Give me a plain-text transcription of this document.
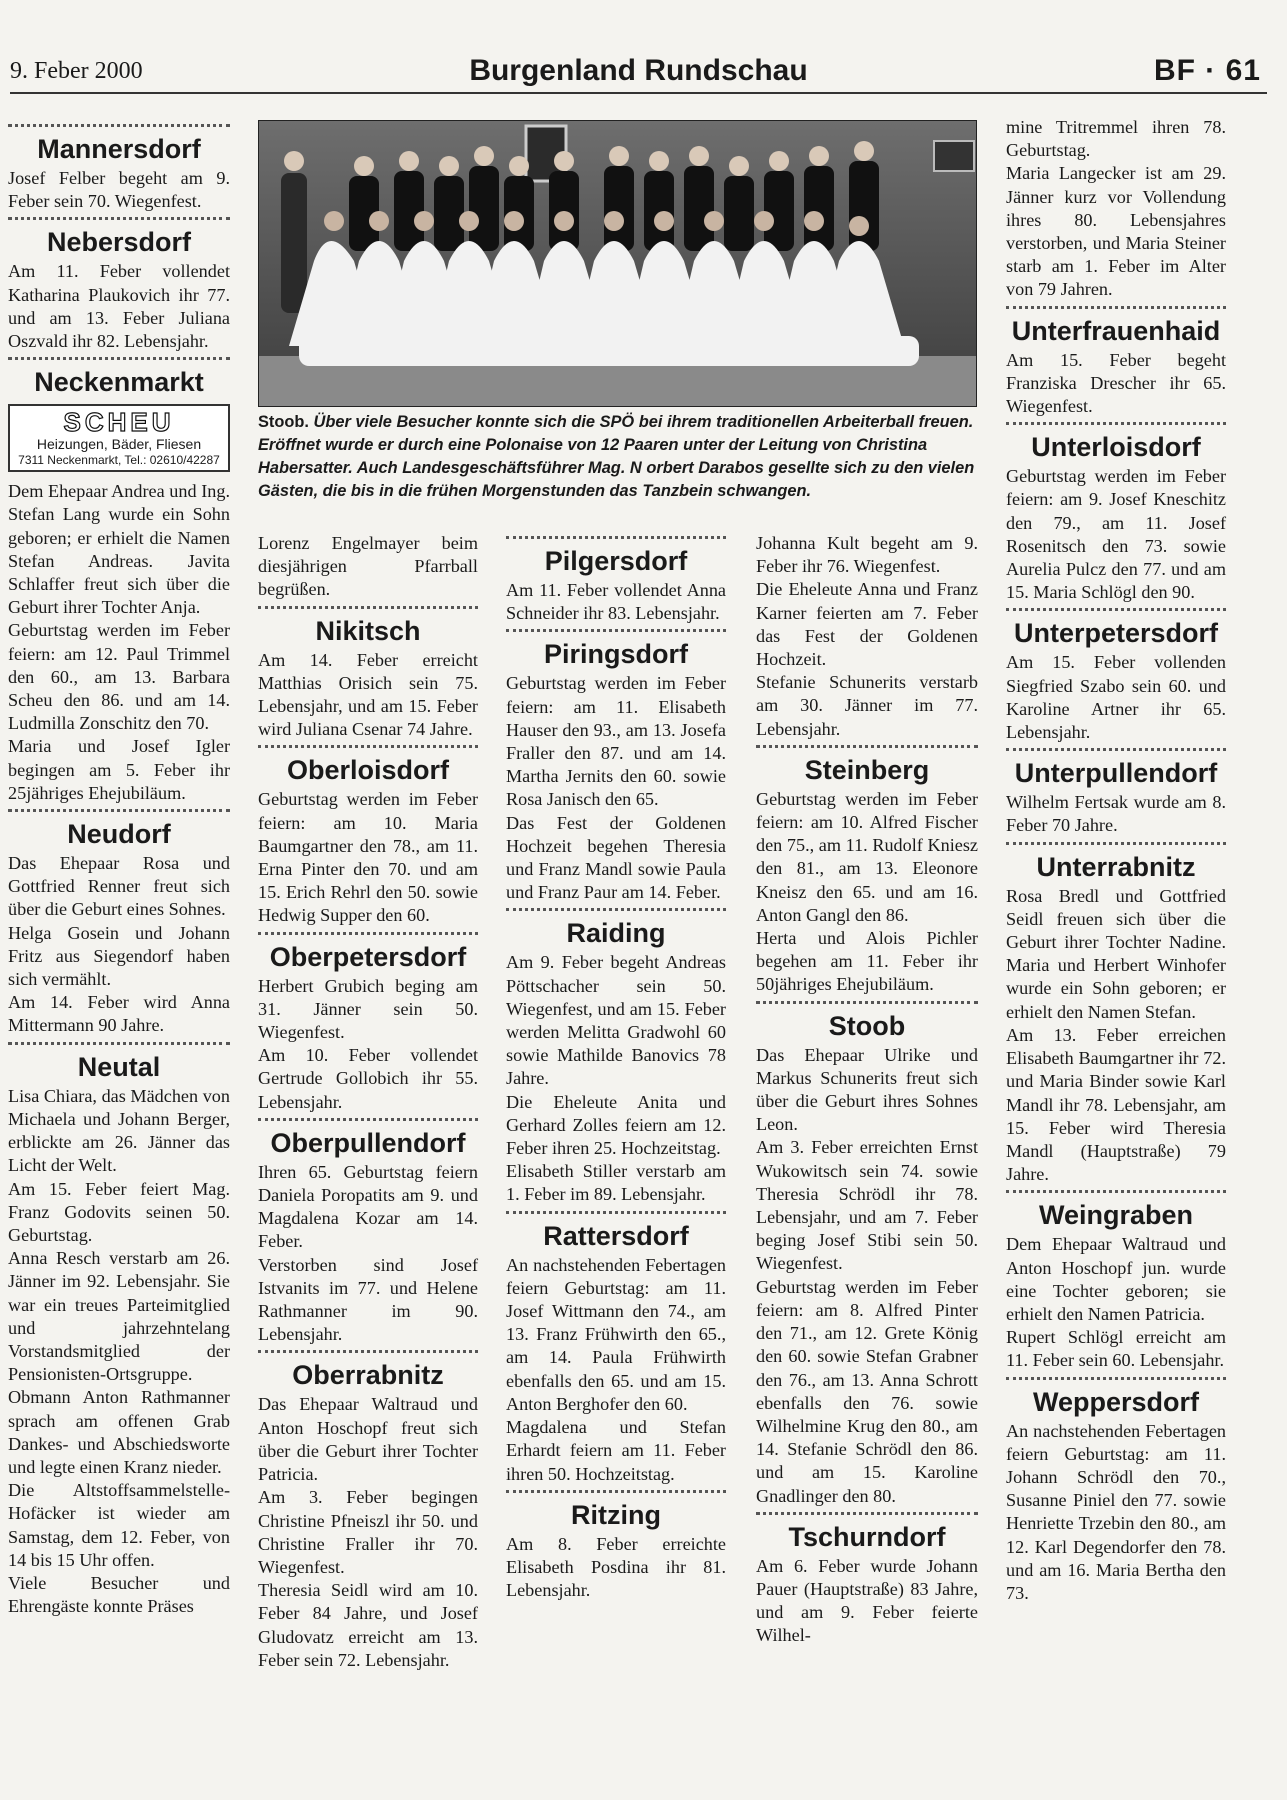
9. Feber 2000	Burgenland Rundschau	BF · 61
Stoob. Über viele Besucher konnte sich die SPÖ bei ihrem traditionellen Arbeiterball freuen. Eröffnet wurde er durch eine Polonaise von 12 Paaren unter der Leitung von Christina Habersatter. Auch Landesgeschäftsführer Mag. N orbert Darabos gesellte sich zu den vielen Gästen, die bis in die frühen Morgenstunden das Tanzbein schwangen.
Mannersdorf

Josef Felber begeht am 9. Feber sein 70. Wiegenfest.

Nebersdorf

Am 11. Feber vollendet Katharina Plaukovich ihr 77. und am 13. Feber Juliana Oszvald ihr 82. Lebensjahr.

Neckenmarkt
SCHEU
Heizungen, Bäder, Fliesen
7311 Neckenmarkt, Tel.: 02610/42287

Dem Ehepaar Andrea und Ing. Stefan Lang wurde ein Sohn geboren; er erhielt die Namen Stefan Andreas. Javita Schlaffer freut sich über die Geburt ihrer Tochter Anja.

Geburtstag werden im Feber feiern: am 12. Paul Trimmel den 60., am 13. Barbara Scheu den 86. und am 14. Ludmilla Zonschitz den 70.

Maria und Josef Igler begingen am 5. Feber ihr 25jähriges Ehejubiläum.

Neudorf

Das Ehepaar Rosa und Gottfried Renner freut sich über die Geburt eines Sohnes.

Helga Gosein und Johann Fritz aus Siegendorf haben sich vermählt.

Am 14. Feber wird Anna Mittermann 90 Jahre.

Neutal

Lisa Chiara, das Mädchen von Michaela und Johann Berger, erblickte am 26. Jänner das Licht der Welt.

Am 15. Feber feiert Mag. Franz Godovits seinen 50. Geburtstag.

Anna Resch verstarb am 26. Jänner im 92. Lebensjahr. Sie war ein treues Parteimitglied und jahrzehntelang Vorstandsmitglied der Pensionisten-Ortsgruppe. Obmann Anton Rathmanner sprach am offenen Grab Dankes- und Abschiedsworte und legte einen Kranz nieder.

Die Altstoffsammelstelle-Hofäcker ist wieder am Samstag, dem 12. Feber, von 14 bis 15 Uhr offen.

Viele Besucher und Ehrengäste konnte Präses

Lorenz Engelmayer beim diesjährigen Pfarrball begrüßen.

Nikitsch

Am 14. Feber erreicht Matthias Orisich sein 75. Lebensjahr, und am 15. Feber wird Juliana Csenar 74 Jahre.

Oberloisdorf

Geburtstag werden im Feber feiern: am 10. Maria Baumgartner den 78., am 11. Erna Pinter den 70. und am 15. Erich Rehrl den 50. sowie Hedwig Supper den 60.

Oberpetersdorf

Herbert Grubich beging am 31. Jänner sein 50. Wiegenfest.

Am 10. Feber vollendet Gertrude Gollobich ihr 55. Lebensjahr.

Oberpullendorf

Ihren 65. Geburtstag feiern Daniela Poropatits am 9. und Magdalena Kozar am 14. Feber.

Verstorben sind Josef Istvanits im 77. und Helene Rathmanner im 90. Lebensjahr.

Oberrabnitz

Das Ehepaar Waltraud und Anton Hoschopf freut sich über die Geburt ihrer Tochter Patricia.

Am 3. Feber begingen Christine Pfneiszl ihr 50. und Christine Fraller ihr 70. Wiegenfest.

Theresia Seidl wird am 10. Feber 84 Jahre, und Josef Gludovatz erreicht am 13. Feber sein 72. Lebensjahr.

Pilgersdorf

Am 11. Feber vollendet Anna Schneider ihr 83. Lebensjahr.

Piringsdorf

Geburtstag werden im Feber feiern: am 11. Elisabeth Hauser den 93., am 13. Josefa Fraller den 87. und am 14. Martha Jernits den 60. sowie Rosa Janisch den 65.

Das Fest der Goldenen Hochzeit begehen Theresia und Franz Mandl sowie Paula und Franz Paur am 14. Feber.

Raiding

Am 9. Feber begeht Andreas Pöttschacher sein 50. Wiegenfest, und am 15. Feber werden Melitta Gradwohl 60 sowie Mathilde Banovics 78 Jahre.

Die Eheleute Anita und Gerhard Zolles feiern am 12. Feber ihren 25. Hochzeitstag.

Elisabeth Stiller verstarb am 1. Feber im 89. Lebensjahr.

Rattersdorf

An nachstehenden Febertagen feiern Geburtstag: am 11. Josef Wittmann den 74., am 13. Franz Frühwirth den 65., am 14. Paula Frühwirth ebenfalls den 65. und am 15. Anton Berghofer den 60.

Magdalena und Stefan Erhardt feiern am 11. Feber ihren 50. Hochzeitstag.

Ritzing

Am 8. Feber erreichte Elisabeth Posdina ihr 81. Lebensjahr.

Johanna Kult begeht am 9. Feber ihr 76. Wiegenfest.

Die Eheleute Anna und Franz Karner feierten am 7. Feber das Fest der Goldenen Hochzeit.

Stefanie Schunerits verstarb am 30. Jänner im 77. Lebensjahr.

Steinberg

Geburtstag werden im Feber feiern: am 10. Alfred Fischer den 75., am 11. Rudolf Kniesz den 81., am 13. Eleonore Kneisz den 65. und am 16. Anton Gangl den 86.

Herta und Alois Pichler begehen am 11. Feber ihr 50jähriges Ehejubiläum.

Stoob

Das Ehepaar Ulrike und Markus Schunerits freut sich über die Geburt ihres Sohnes Leon.

Am 3. Feber erreichten Ernst Wukowitsch sein 74. sowie Theresia Schrödl ihr 78. Lebensjahr, und am 7. Feber beging Josef Stibi sein 50. Wiegenfest.

Geburtstag werden im Feber feiern: am 8. Alfred Pinter den 71., am 12. Grete König den 60. sowie Stefan Grabner den 76., am 13. Anna Schrott ebenfalls den 76. sowie Wilhelmine Krug den 80., am 14. Stefanie Schrödl den 86. und am 15. Karoline Gnadlinger den 80.

Tschurndorf

Am 6. Feber wurde Johann Pauer (Hauptstraße) 83 Jahre, und am 9. Feber feierte Wilhel-

mine Tritremmel ihren 78. Geburtstag.

Maria Langecker ist am 29. Jänner kurz vor Vollendung ihres 80. Lebensjahres verstorben, und Maria Steiner starb am 1. Feber im Alter von 79 Jahren.

Unterfrauenhaid

Am 15. Feber begeht Franziska Drescher ihr 65. Wiegenfest.

Unterloisdorf

Geburtstag werden im Feber feiern: am 9. Josef Kneschitz den 79., am 11. Josef Rosenitsch den 73. sowie Aurelia Pulcz den 77. und am 15. Maria Schlögl den 90.

Unterpetersdorf

Am 15. Feber vollenden Siegfried Szabo sein 60. und Karoline Artner ihr 65. Lebensjahr.

Unterpullendorf

Wilhelm Fertsak wurde am 8. Feber 70 Jahre.

Unterrabnitz

Rosa Bredl und Gottfried Seidl freuen sich über die Geburt ihrer Tochter Nadine. Maria und Herbert Winhofer wurde ein Sohn geboren; er erhielt den Namen Stefan.

Am 13. Feber erreichen Elisabeth Baumgartner ihr 72. und Maria Binder sowie Karl Mandl ihr 78. Lebensjahr, am 15. Feber wird Theresia Mandl (Hauptstraße) 79 Jahre.

Weingraben

Dem Ehepaar Waltraud und Anton Hoschopf jun. wurde eine Tochter geboren; sie erhielt den Namen Patricia.

Rupert Schlögl erreicht am 11. Feber sein 60. Lebensjahr.

Weppersdorf

An nachstehenden Febertagen feiern Geburtstag: am 11. Johann Schrödl den 70., Susanne Piniel den 77. sowie Henriette Trzebin den 80., am 12. Karl Degendorfer den 78. und am 16. Maria Bertha den 73.
